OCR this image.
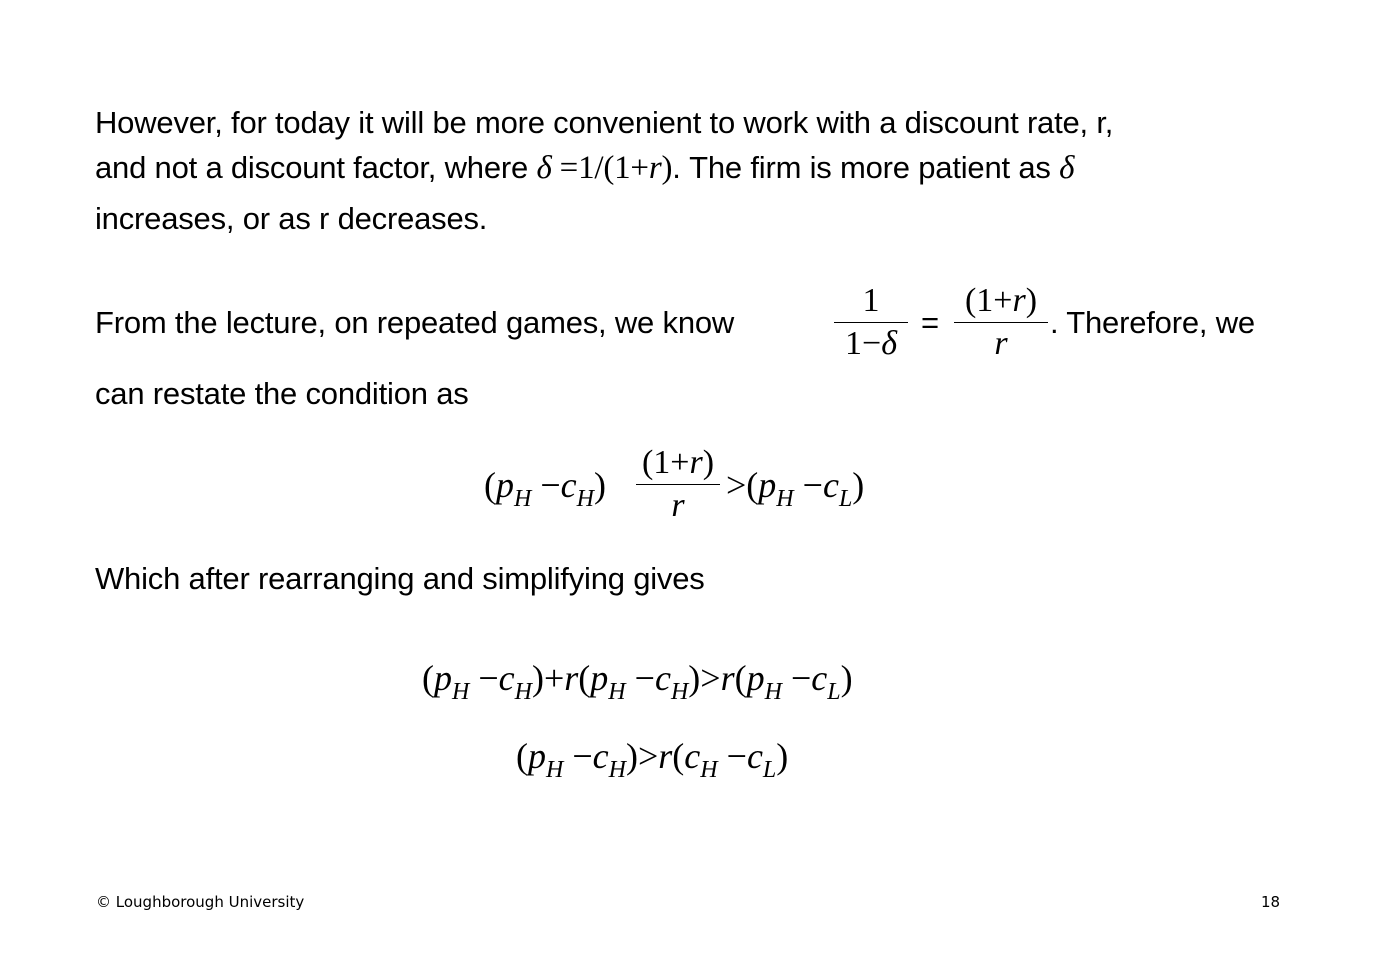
However, for today it will be more convenient to work with a discount rate, r,
and not a discount factor, where δ =1/(1+r). The firm is more patient as δ
increases, or as r decreases.
From the lecture, on repeated games, we know
1
1−δ
=
(1+r)
r
. Therefore, we
can restate the condition as
$(p_H -c_H)$
(1+r)
r
$>(p_H -c_L)$
Which after rearranging and simplifying gives
$(p_H -c_H)+r(p_H -c_H)>r(p_H -c_L)$
$(p_H -c_H)>r(c_H -c_L)$
© Loughborough University	18
